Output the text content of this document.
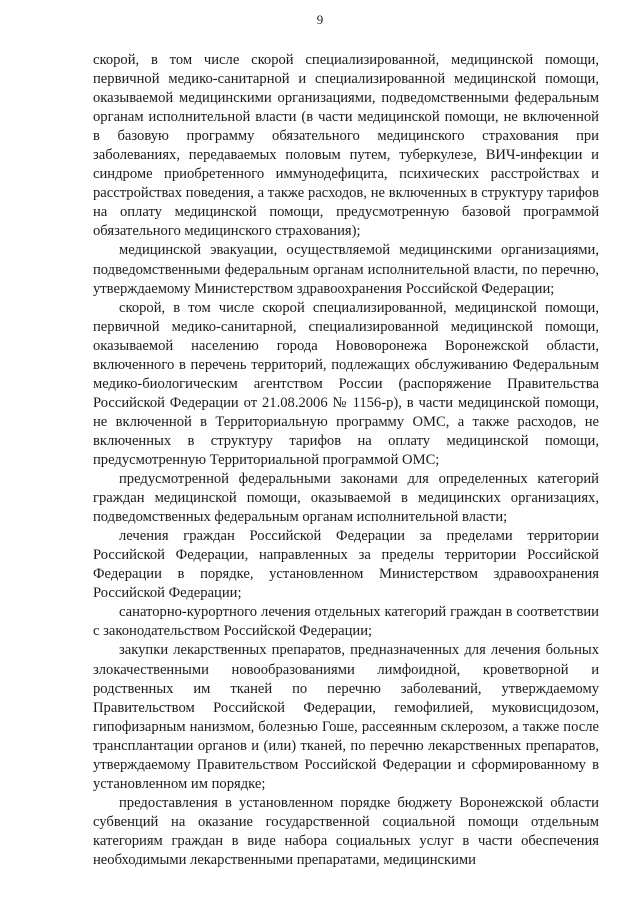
9

скорой, в том числе скорой специализированной, медицинской помощи, первичной медико-санитарной и специализированной медицинской помощи, оказываемой медицинскими организациями, подведомственными федеральным органам исполнительной власти (в части медицинской помощи, не включенной в базовую программу обязательного медицинского страхования при заболеваниях, передаваемых половым путем, туберкулезе, ВИЧ-инфекции и синдроме приобретенного иммунодефицита, психических расстройствах и расстройствах поведения, а также расходов, не включенных в структуру тарифов на оплату медицинской помощи, предусмотренную базовой программой обязательного медицинского страхования);

медицинской эвакуации, осуществляемой медицинскими организациями, подведомственными федеральным органам исполнительной власти, по перечню, утверждаемому Министерством здравоохранения Российской Федерации;

скорой, в том числе скорой специализированной, медицинской помощи, первичной медико-санитарной, специализированной медицинской помощи, оказываемой населению города Нововоронежа Воронежской области, включенного в перечень территорий, подлежащих обслуживанию Федеральным медико-биологическим агентством России (распоряжение Правительства Российской Федерации от 21.08.2006 № 1156-р), в части медицинской помощи, не включенной в Территориальную программу ОМС, а также расходов, не включенных в структуру тарифов на оплату медицинской помощи, предусмотренную Территориальной программой ОМС;

предусмотренной федеральными законами для определенных категорий граждан медицинской помощи, оказываемой в медицинских организациях, подведомственных федеральным органам исполнительной власти;

лечения граждан Российской Федерации за пределами территории Российской Федерации, направленных за пределы территории Российской Федерации в порядке, установленном Министерством здравоохранения Российской Федерации;

санаторно-курортного лечения отдельных категорий граждан в соответствии с законодательством Российской Федерации;

закупки лекарственных препаратов, предназначенных для лечения больных злокачественными новообразованиями лимфоидной, кроветворной и родственных им тканей по перечню заболеваний, утверждаемому Правительством Российской Федерации, гемофилией, муковисцидозом, гипофизарным нанизмом, болезнью Гоше, рассеянным склерозом, а также после трансплантации органов и (или) тканей, по перечню лекарственных препаратов, утверждаемому Правительством Российской Федерации и сформированному в установленном им порядке;

предоставления в установленном порядке бюджету Воронежской области субвенций на оказание государственной социальной помощи отдельным категориям граждан в виде набора социальных услуг в части обеспечения необходимыми лекарственными препаратами, медицинскими
